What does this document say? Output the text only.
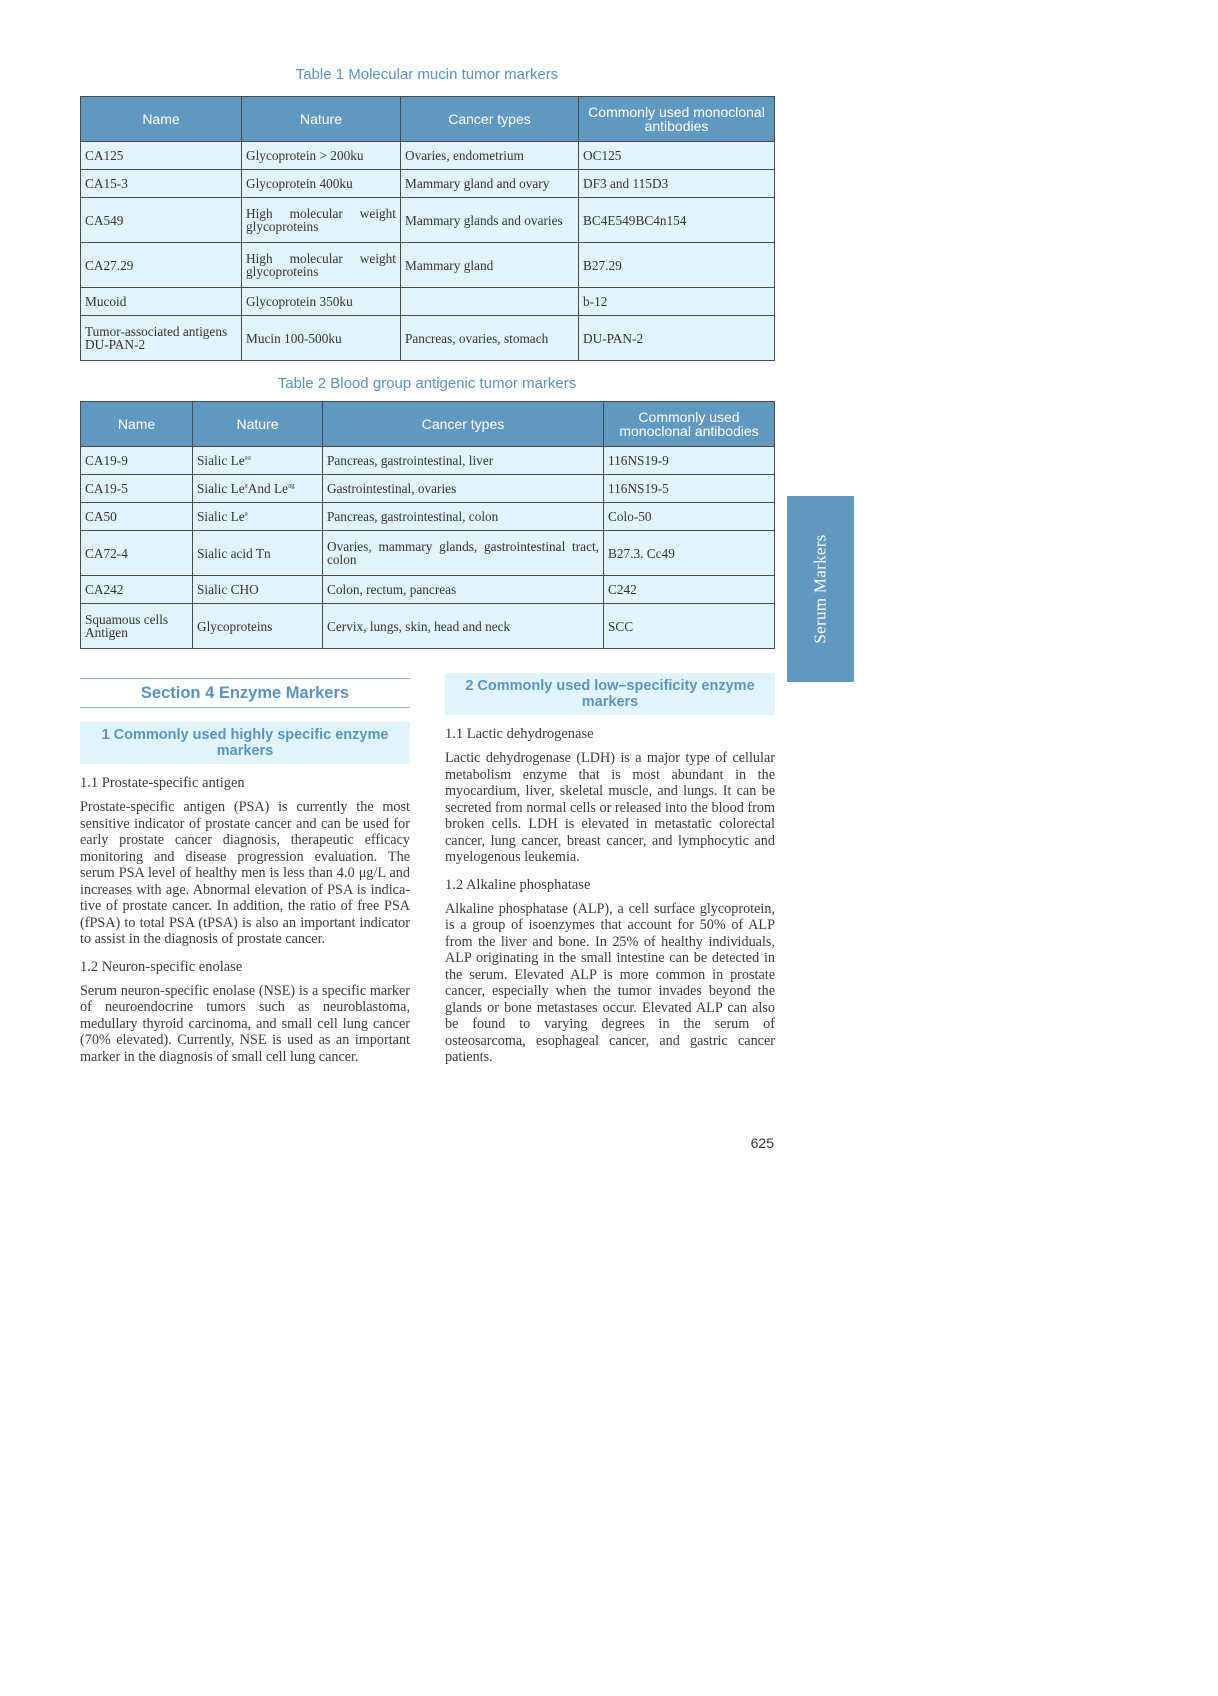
Table 1 Molecular mucin tumor markers
Name	Nature	Cancer types	Commonly used monoclonal antibodies
CA125	Glycoprotein > 200ku	Ovaries, endometrium	OC125
CA15-3	Glycoprotein 400ku	Mammary gland and ovary	DF3 and 115D3
CA549	High molecular weight glycoproteins	Mammary glands and ovaries	BC4E549BC4n154
CA27.29	High molecular weight glycoproteins	Mammary gland	B27.29
Mucoid	Glycoprotein 350ku		b-12
Tumor-associated antigens DU-PAN-2	Mucin 100-500ku	Pancreas, ovaries, stomach	DU-PAN-2
Table 2 Blood group antigenic tumor markers
Name	Nature	Cancer types	Commonly used monoclonal antibodies
CA19-9	Sialic $Le^{aa}$	Pancreas, gastrointestinal, liver	116NS19-9
CA19-5	Sialic Le$^a$And $Le^{ag}$	Gastrointestinal, ovaries	116NS19-5
CA50	Sialic Le$^a$	Pancreas, gastrointestinal, colon	Colo-50
CA72-4	Sialic acid Tn	Ovaries, mammary glands, gastrointestinal tract, colon	B27.3. Cc49
CA242	Sialic CHO	Colon, rectum, pancreas	C242
Squamous cells Antigen	Glycoproteins	Cervix, lungs, skin, head and neck	SCC	Serum Markers
Section 4 Enzyme Markers
1 Commonly used highly specific enzyme markers
1.1 Prostate-specific antigen

Prostate-specific antigen (PSA) is currently the most sensitive indicator of prostate cancer and can be used for early prostate cancer diagnosis, therapeutic efficacy monitoring and disease progression evaluation. The serum PSA level of healthy men is less than 4.0 μg/L and increases with age. Abnormal elevation of PSA is indicative of prostate cancer. In addition, the ratio of free PSA (fPSA) to total PSA (tPSA) is also an important indicator to assist in the diagnosis of prostate cancer.

1.2 Neuron-specific enolase

Serum neuron-specific enolase (NSE) is a specific marker of neuroendocrine tumors such as neuroblastoma, medullary thyroid carcinoma, and small cell lung cancer (70% elevated). Currently, NSE is used as an important marker in the diagnosis of small cell lung cancer.

2 Commonly used low–specificity enzyme markers
1.1 Lactic dehydrogenase

Lactic dehydrogenase (LDH) is a major type of cellular metabolism enzyme that is most abundant in the myocardium, liver, skeletal muscle, and lungs. It can be secreted from normal cells or released into the blood from broken cells. LDH is elevated in metastatic colorectal cancer, lung cancer, breast cancer, and lymphocytic and myelogenous leukemia.

1.2 Alkaline phosphatase

Alkaline phosphatase (ALP), a cell surface glycoprotein, is a group of isoenzymes that account for 50% of ALP from the liver and bone. In 25% of healthy individuals, ALP originating in the small intestine can be detected in the serum. Elevated ALP is more common in prostate cancer, especially when the tumor invades beyond the glands or bone metastases occur. Elevated ALP can also be found to varying degrees in the serum of osteosarcoma, esophageal cancer, and gastric cancer patients.

625
